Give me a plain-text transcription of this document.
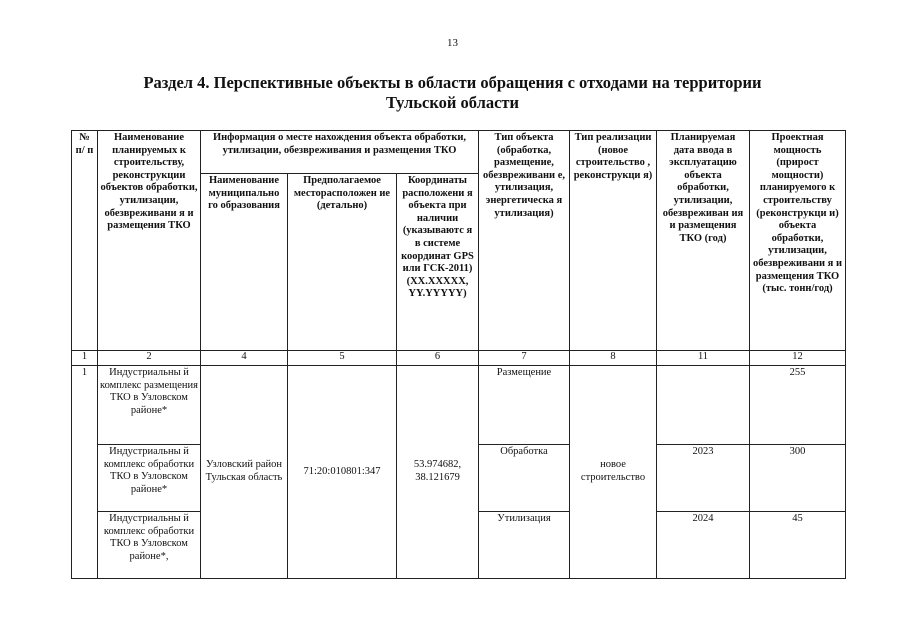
13
Раздел 4. Перспективные объекты в области обращения с отходами на территории
Тульской области
№ п/ п	Наименование планируемых к строительству, реконструкции объектов обработки, утилизации, обезвреживани я и размещения ТКО	Информация о месте нахождения объекта обработки, утилизации, обезвреживания и размещения ТКО			Тип объекта (обработка, размещение, обезвреживани е, утилизация, энергетическа я утилизация)	Тип реализации (новое строительство , реконструкци я)	Планируемая дата ввода в эксплуатацию объекта обработки, утилизации, обезвреживан ия и размещения ТКО (год)	Проектная мощность (прирост мощности) планируемого к строительству (реконструкци и) объекта обработки, утилизации, обезвреживани я и размещения ТКО (тыс. тонн/год)
		Наименование муниципально го образования	Предполагаемое месторасположен ие (детально)	Координаты расположени я объекта при наличии (указываютс я в системе координат GPS или ГСК-2011) (XX.XXXXX, YY.YYYYY)				
1	2	4	5	6	7	8	11	12
1	Индустриальны й комплекс размещения ТКО в Узловском районе*	Узловский район Тульская область	71:20:010801:347	53.974682, 38.121679	Размещение	новое строительство		255
	Индустриальны й комплекс обработки ТКО в Узловском районе*				Обработка		2023	300
	Индустриальны й комплекс обработки ТКО в Узловском районе*,				Утилизация		2024	45
